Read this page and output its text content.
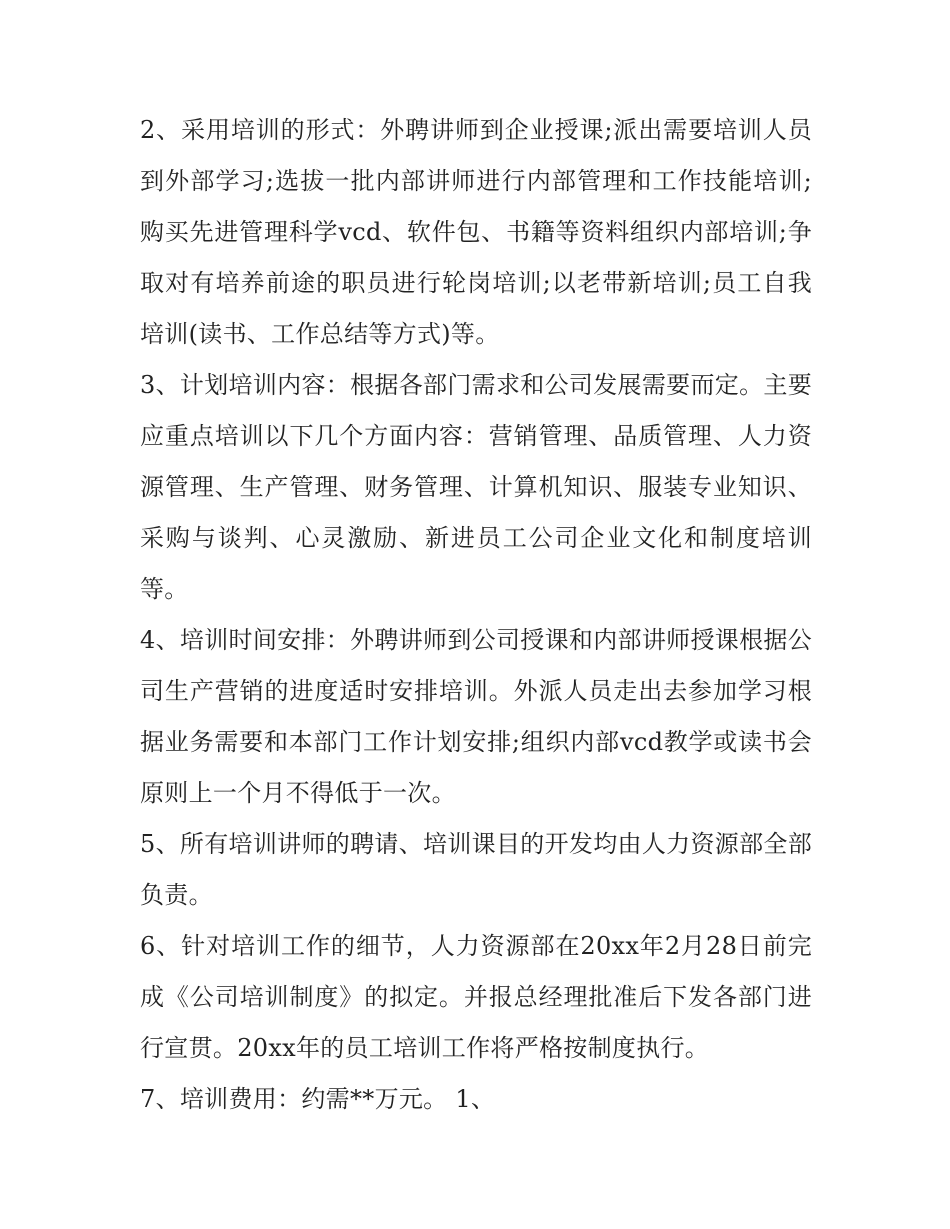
2、采用培训的形式：外聘讲师到企业授课;派出需要培训人员到外部学习;选拔一批内部讲师进行内部管理和工作技能培训;购买先进管理科学vcd、软件包、书籍等资料组织内部培训;争取对有培养前途的职员进行轮岗培训;以老带新培训;员工自我培训(读书、工作总结等方式)等。

3、计划培训内容：根据各部门需求和公司发展需要而定。主要应重点培训以下几个方面内容：营销管理、品质管理、人力资源管理、生产管理、财务管理、计算机知识、服装专业知识、采购与谈判、心灵激励、新进员工公司企业文化和制度培训等。

4、培训时间安排：外聘讲师到公司授课和内部讲师授课根据公司生产营销的进度适时安排培训。外派人员走出去参加学习根据业务需要和本部门工作计划安排;组织内部vcd教学或读书会原则上一个月不得低于一次。

5、所有培训讲师的聘请、培训课目的开发均由人力资源部全部负责。

6、针对培训工作的细节，人力资源部在20xx年2月28日前完成《公司培训制度》的拟定。并报总经理批准后下发各部门进行宣贯。20xx年的员工培训工作将严格按制度执行。

7、培训费用：约需**万元。 1、
